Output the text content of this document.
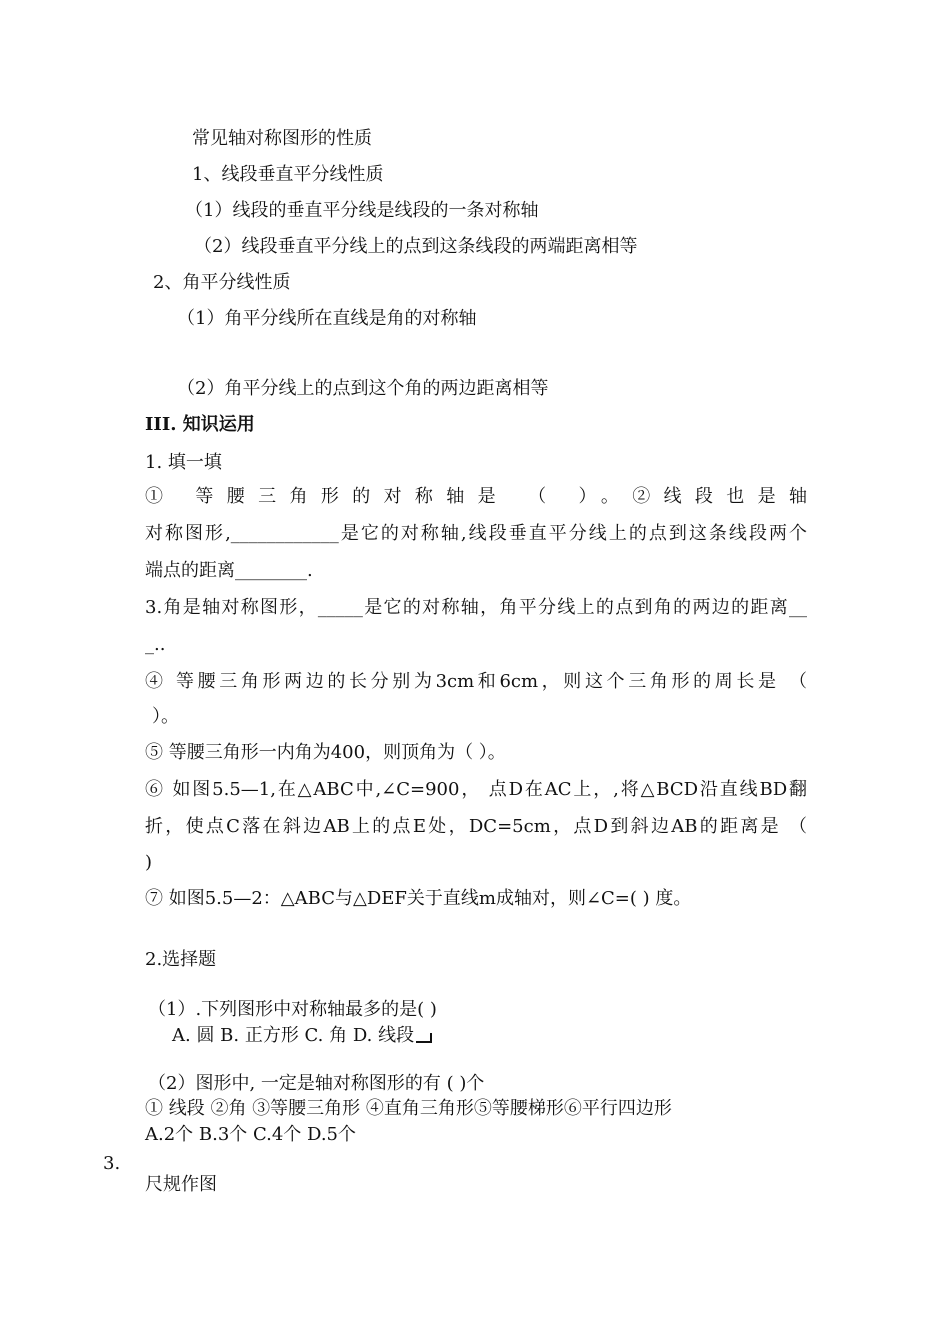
常见轴对称图形的性质

1、线段垂直平分线性质

（1）线段的垂直平分线是线段的一条对称轴

（2）线段垂直平分线上的点到这条线段的两端距离相等

2、角平分线性质

（1）角平分线所在直线是角的对称轴

（2）角平分线上的点到这个角的两边距离相等

III. 知识运用

1. 填一填

① 等腰三角形的对称轴是 （ ）。②线段也是轴

对称图形,____________是它的对称轴,线段垂直平分线上的点到这条线段两个

端点的距离________.

3.角是轴对称图形，_____是它的对称轴，角平分线上的点到角的两边的距离__

_..

④ 等腰三角形两边的长分别为3cm和6cm，则这个三角形的周长是 （

）。

⑤ 等腰三角形一内角为400，则顶角为（ ）。

⑥ 如图5.5—1,在△ABC中,∠C=900， 点D在AC上，,将△BCD沿直线BD翻

折，使点C落在斜边AB上的点E处，DC=5cm，点D到斜边AB的距离是 （

)

⑦ 如图5.5—2：△ABC与△DEF关于直线m成轴对，则∠C=( ) 度。

2.选择题

（1）.下列图形中对称轴最多的是( )

A. 圆 B. 正方形 C. 角 D. 线段

（2）图形中, 一定是轴对称图形的有 ( )个

① 线段 ②角 ③等腰三角形 ④直角三角形⑤等腰梯形⑥平行四边形

A.2个 B.3个 C.4个 D.5个

3.

尺规作图
